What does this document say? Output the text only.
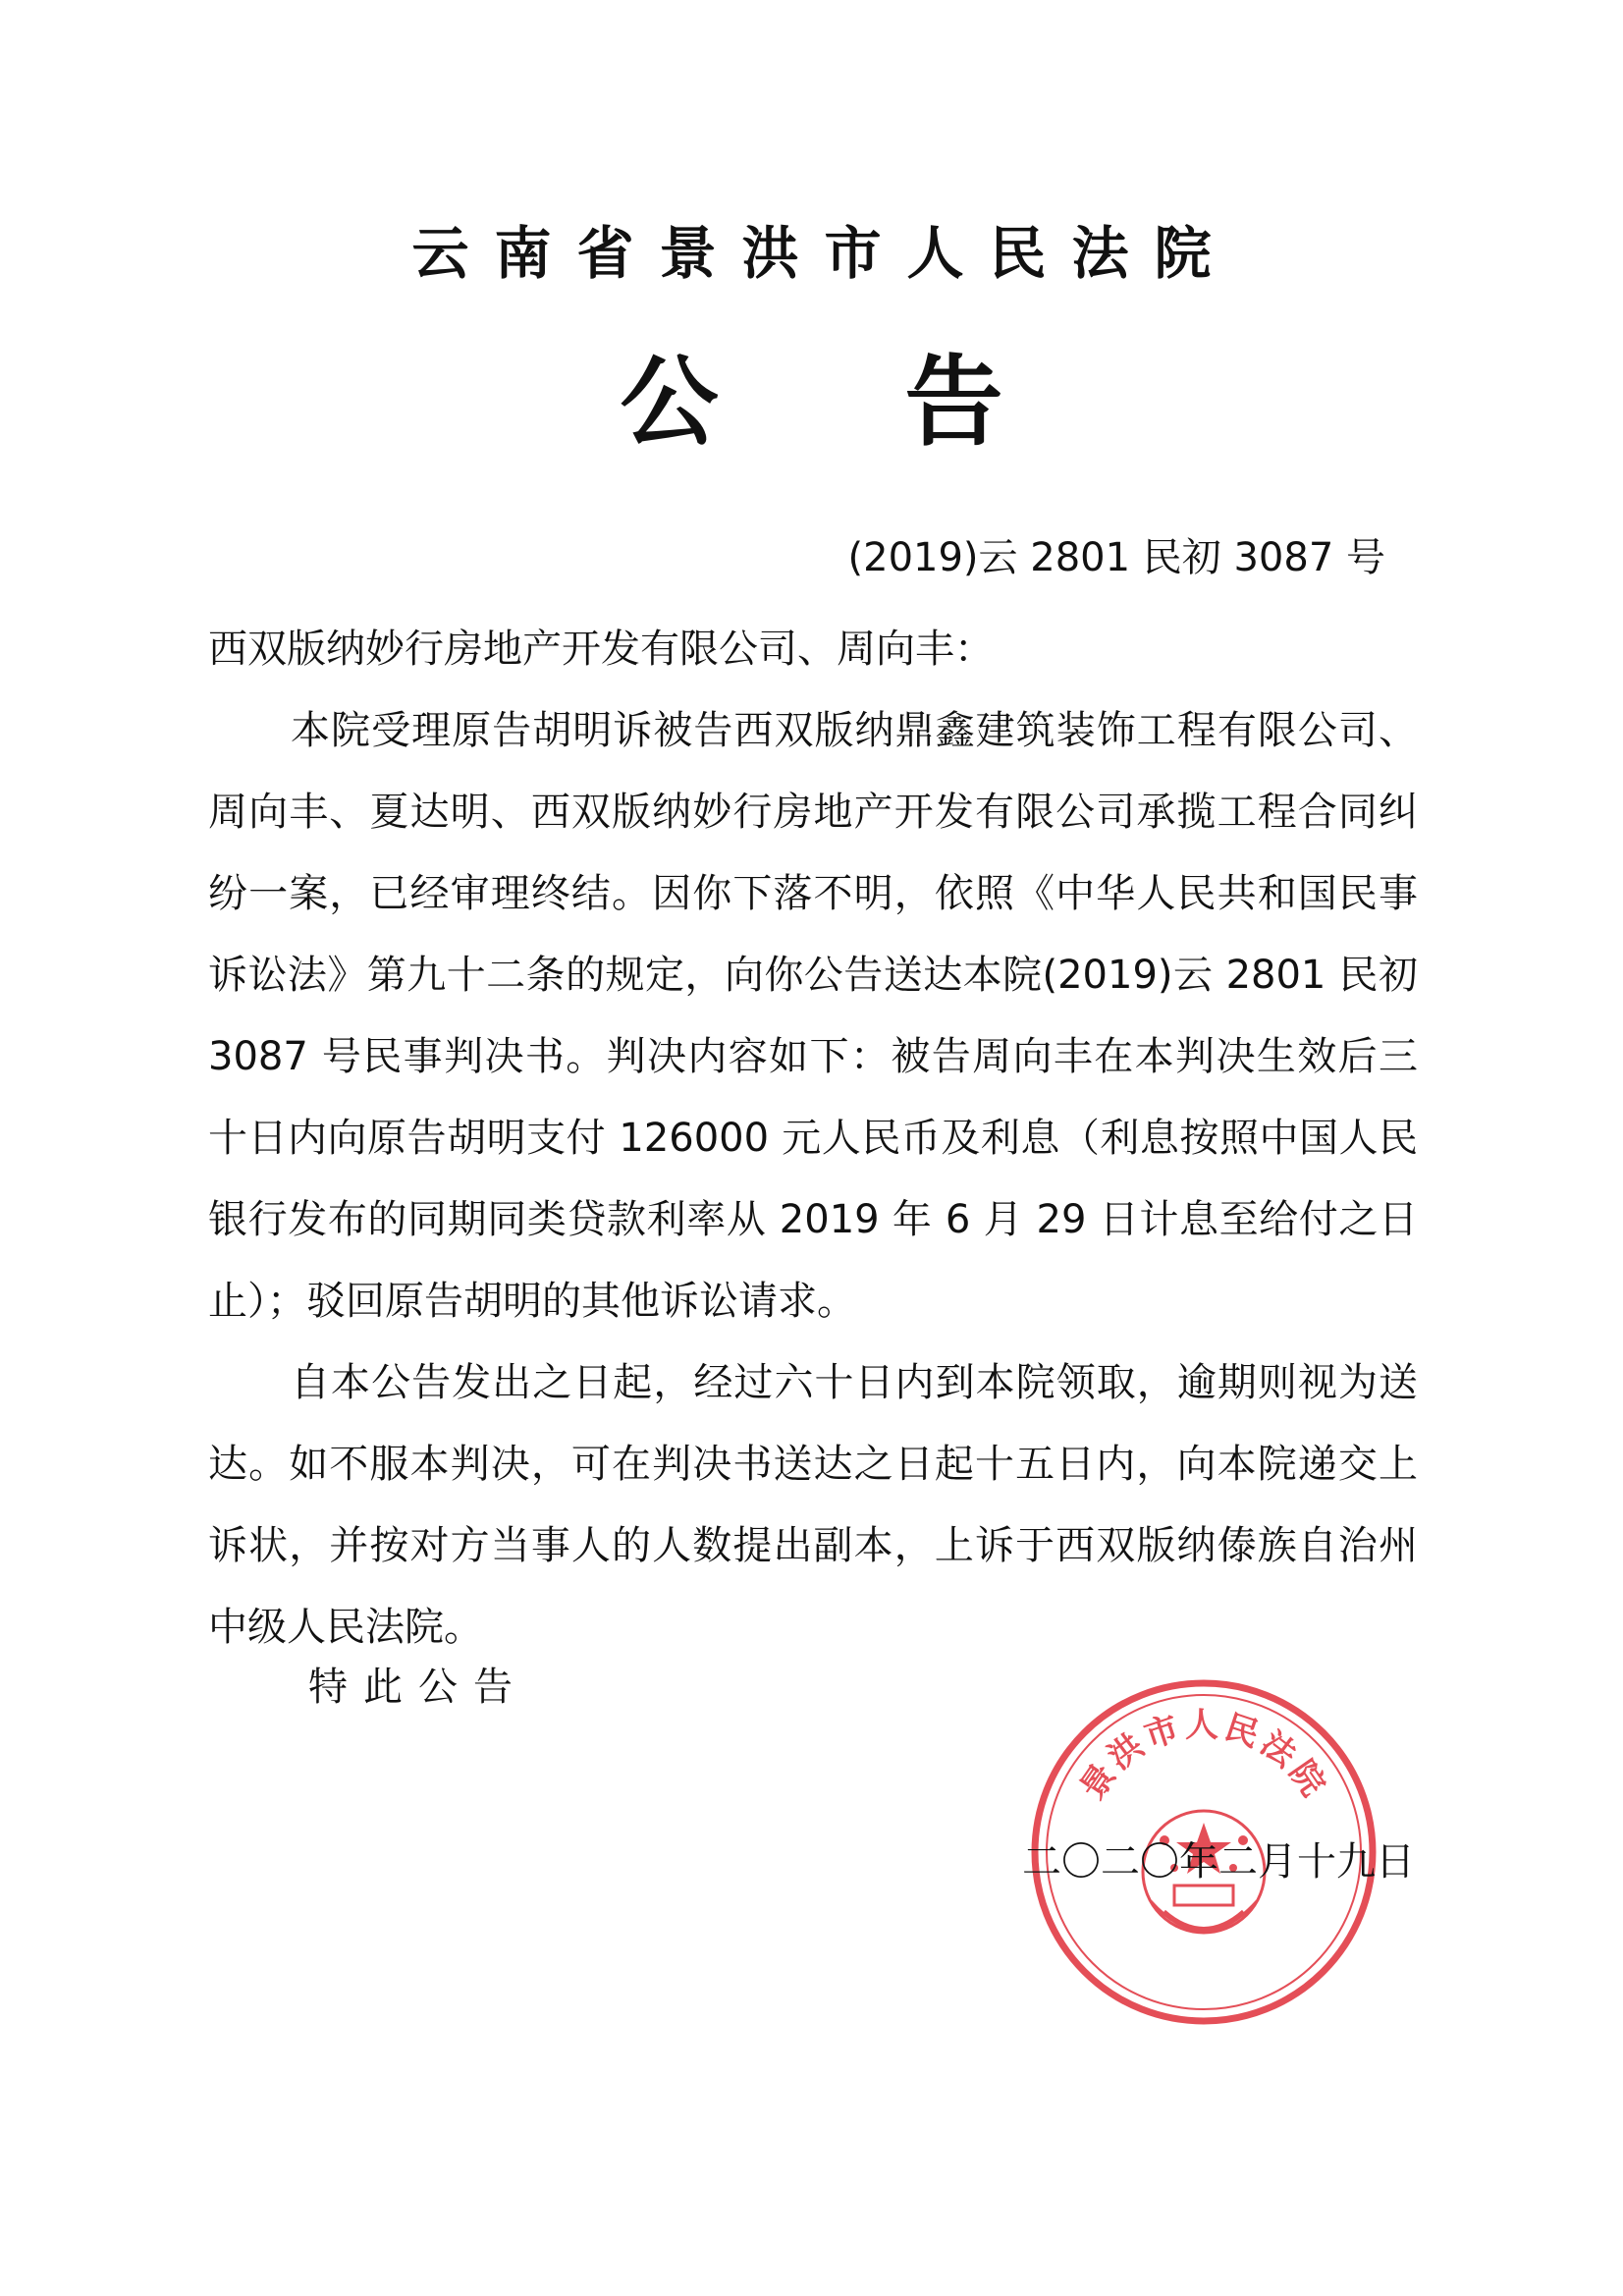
云南省景洪市人民法院
公 告
(2019)云 2801 民初 3087 号

西双版纳妙行房地产开发有限公司、周向丰：

本院受理原告胡明诉被告西双版纳鼎鑫建筑装饰工程有限公司、周向丰、夏达明、西双版纳妙行房地产开发有限公司承揽工程合同纠纷一案，已经审理终结。因你下落不明，依照《中华人民共和国民事诉讼法》第九十二条的规定，向你公告送达本院(2019)云 2801 民初 3087 号民事判决书。判决内容如下：被告周向丰在本判决生效后三十日内向原告胡明支付 126000 元人民币及利息（利息按照中国人民银行发布的同期同类贷款利率从 2019 年 6 月 29 日计息至给付之日止）；驳回原告胡明的其他诉讼请求。

自本公告发出之日起，经过六十日内到本院领取，逾期则视为送达。如不服本判决，可在判决书送达之日起十五日内，向本院递交上诉状，并按对方当事人的人数提出副本，上诉于西双版纳傣族自治州中级人民法院。

特此公告
景洪市人民法院
二〇二〇年二月十九日
